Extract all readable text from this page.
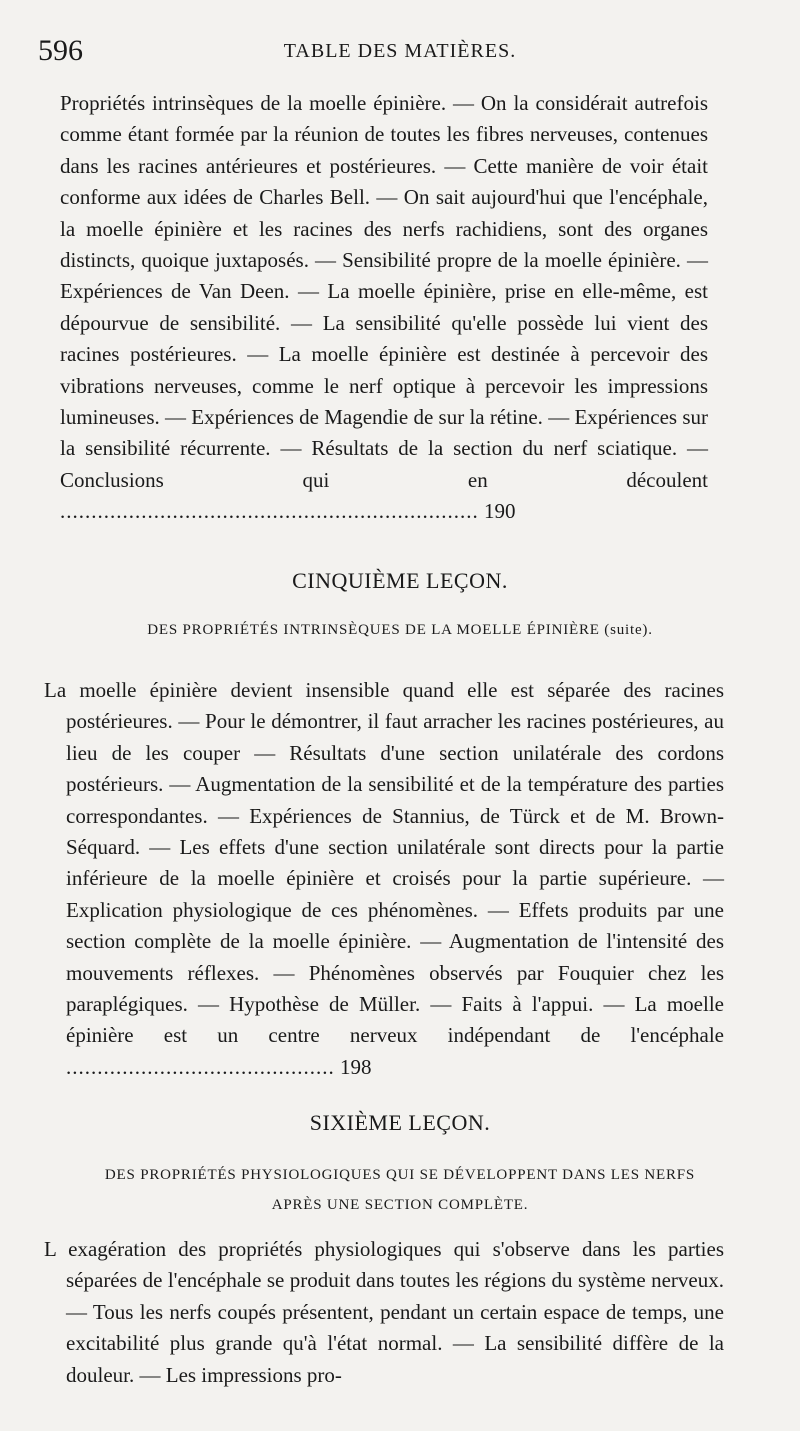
596	TABLE DES MATIÈRES.

Propriétés intrinsèques de la moelle épinière. — On la considérait autrefois comme étant formée par la réunion de toutes les fibres nerveuses, contenues dans les racines antérieures et postérieures. — Cette manière de voir était conforme aux idées de Charles Bell. — On sait aujourd'hui que l'encéphale, la moelle épinière et les racines des nerfs rachidiens, sont des organes distincts, quoique juxtaposés. — Sensibilité propre de la moelle épinière. — Expériences de Van Deen. — La moelle épinière, prise en elle-même, est dépourvue de sensibilité. — La sensibilité qu'elle possède lui vient des racines postérieures. — La moelle épinière est destinée à percevoir des vibrations nerveuses, comme le nerf optique à percevoir les impressions lumineuses. — Expériences de Magendie de sur la rétine. — Expériences sur la sensibilité récurrente. — Résultats de la section du nerf sciatique. — Conclusions qui en découlent ................................................................... 190

CINQUIÈME LEÇON.
DES PROPRIÉTÉS INTRINSÈQUES DE LA MOELLE ÉPINIÈRE (suite).

La moelle épinière devient insensible quand elle est séparée des racines postérieures. — Pour le démontrer, il faut arracher les racines postérieures, au lieu de les couper — Résultats d'une section unilatérale des cordons postérieurs. — Augmentation de la sensibilité et de la température des parties correspondantes. — Expériences de Stannius, de Türck et de M. Brown-Séquard. — Les effets d'une section unilatérale sont directs pour la partie inférieure de la moelle épinière et croisés pour la partie supérieure. — Explication physiologique de ces phénomènes. — Effets produits par une section complète de la moelle épinière. — Augmentation de l'intensité des mouvements réflexes. — Phénomènes observés par Fouquier chez les paraplégiques. — Hypothèse de Müller. — Faits à l'appui. — La moelle épinière est un centre nerveux indépendant de l'encéphale ........................................... 198

SIXIÈME LEÇON.
DES PROPRIÉTÉS PHYSIOLOGIQUES QUI SE DÉVELOPPENT DANS LES NERFS
APRÈS UNE SECTION COMPLÈTE.

L exagération des propriétés physiologiques qui s'observe dans les parties séparées de l'encéphale se produit dans toutes les régions du système nerveux. — Tous les nerfs coupés présentent, pendant un certain espace de temps, une excitabilité plus grande qu'à l'état normal. — La sensibilité diffère de la douleur. — Les impressions pro-
